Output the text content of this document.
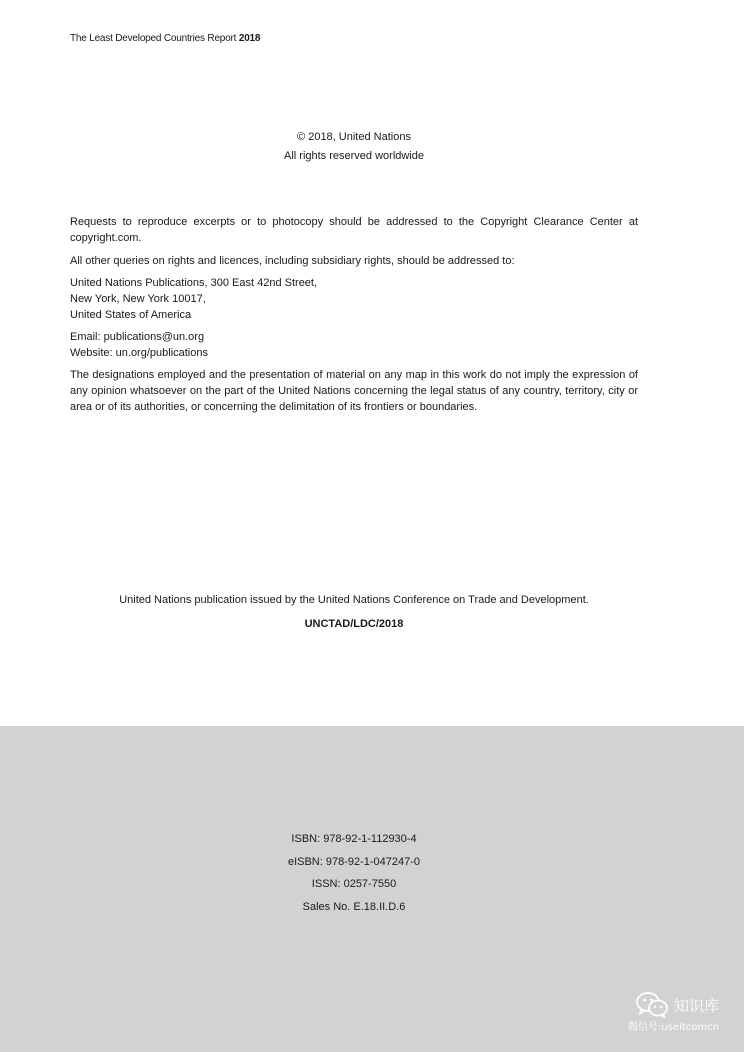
The Least Developed Countries Report 2018
© 2018, United Nations
All rights reserved worldwide

Requests to reproduce excerpts or to photocopy should be addressed to the Copyright Clearance Center at copyright.com.

All other queries on rights and licences, including subsidiary rights, should be addressed to:

United Nations Publications, 300 East 42nd Street,

New York, New York 10017,

United States of America

Email: publications@un.org

Website: un.org/publications

The designations employed and the presentation of material on any map in this work do not imply the expression of any opinion whatsoever on the part of the United Nations concerning the legal status of any country, territory, city or area or of its authorities, or concerning the delimitation of its frontiers or boundaries.

United Nations publication issued by the United Nations Conference on Trade and Development.
UNCTAD/LDC/2018
ISBN: 978-92-1-112930-4
eISBN: 978-92-1-047247-0
ISSN: 0257-7550
Sales No. E.18.II.D.6
知识库
微信号:useitcomcn
